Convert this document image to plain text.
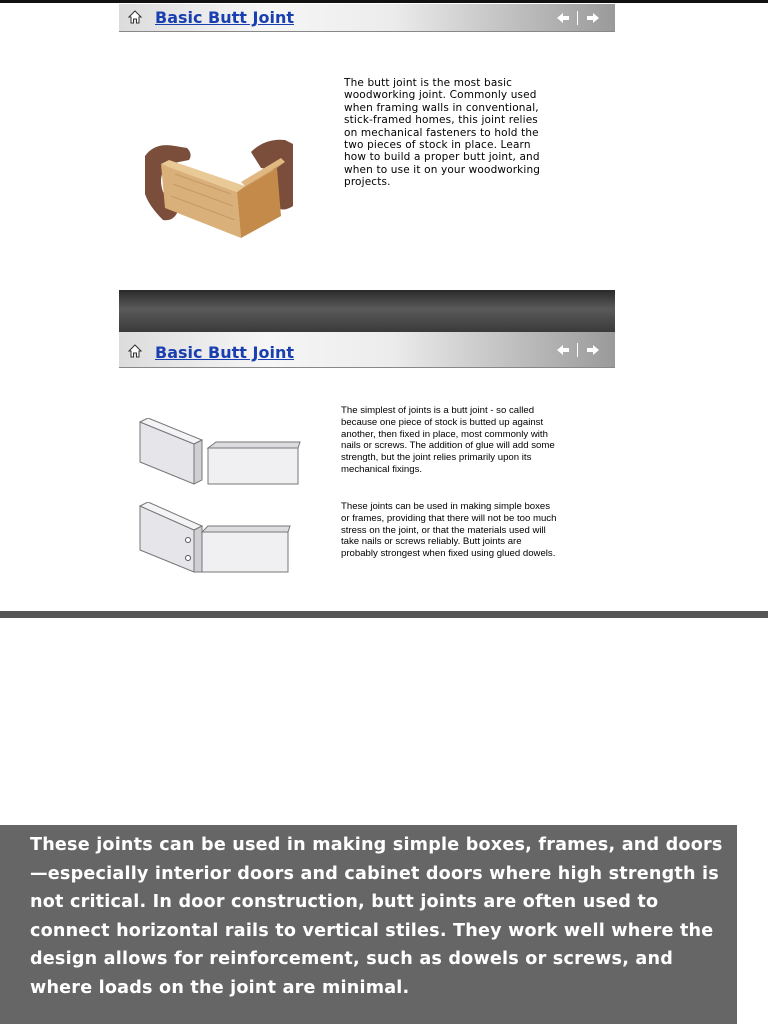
Basic Butt Joint
The butt joint is the most basic woodworking joint. Commonly used when framing walls in conventional, stick-framed homes, this joint relies on mechanical fasteners to hold the two pieces of stock in place. Learn how to build a proper butt joint, and when to use it on your woodworking projects.
Basic Butt Joint
The simplest of joints is a butt joint - so called because one piece of stock is butted up against another, then fixed in place, most commonly with nails or screws. The addition of glue will add some strength, but the joint relies primarily upon its mechanical fixings.
These joints can be used in making simple boxes or frames, providing that there will not be too much stress on the joint, or that the materials used will take nails or screws reliably. Butt joints are probably strongest when fixed using glued dowels.

These joints can be used in making simple boxes, frames, and doors—especially interior doors and cabinet doors where high strength is not critical. In door construction, butt joints are often used to connect horizontal rails to vertical stiles. They work well where the design allows for reinforcement, such as dowels or screws, and where loads on the joint are minimal.
